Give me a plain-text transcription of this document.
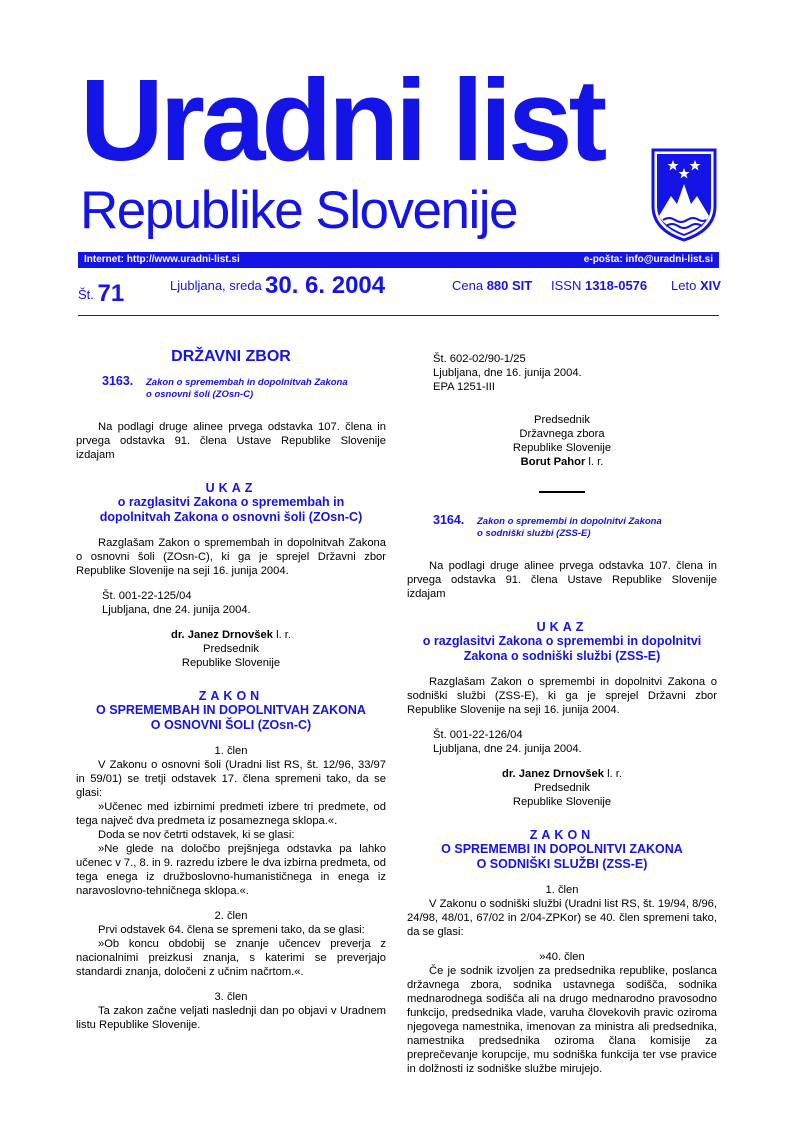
Uradni list
Republike Slovenije
Internet: http://www.uradni-list.si	e-pošta: info@uradni-list.si
Št. 71	Ljubljana, sreda 30. 6. 2004	Cena 880 SIT ISSN 1318-0576 Leto XIV
DRŽAVNI ZBOR
3163.	Zakon o spremembah in dopolnitvah Zakona
o osnovni šoli (ZOsn-C)

Na podlagi druge alinee prvega odstavka 107. člena in prvega odstavka 91. člena Ustave Republike Slovenije izdajam

UKAZ
o razglasitvi Zakona o spremembah in
dopolnitvah Zakona o osnovni šoli (ZOsn-C)

Razglašam Zakon o spremembah in dopolnitvah Zakona o osnovni šoli (ZOsn-C), ki ga je sprejel Državni zbor Republike Slovenije na seji 16. junija 2004.

Št. 001-22-125/04
Ljubljana, dne 24. junija 2004.
dr. Janez Drnovšek l. r.
Predsednik
Republike Slovenije
ZAKON
O SPREMEMBAH IN DOPOLNITVAH ZAKONA
O OSNOVNI ŠOLI (ZOsn-C)
1. člen

V Zakonu o osnovni šoli (Uradni list RS, št. 12/96, 33/97 in 59/01) se tretji odstavek 17. člena spremeni tako, da se glasi:

»Učenec med izbirnimi predmeti izbere tri predmete, od tega največ dva predmeta iz posameznega sklopa.«.

Doda se nov četrti odstavek, ki se glasi:

»Ne glede na določbo prejšnjega odstavka pa lahko učenec v 7., 8. in 9. razredu izbere le dva izbirna predmeta, od tega enega iz družboslovno-humanističnega in enega iz naravoslovno-tehničnega sklopa.«.

2. člen

Prvi odstavek 64. člena se spremeni tako, da se glasi:

»Ob koncu obdobij se znanje učencev preverja z nacionalnimi preizkusi znanja, s katerimi se preverjajo standardi znanja, določeni z učnim načrtom.«.

3. člen

Ta zakon začne veljati naslednji dan po objavi v Uradnem listu Republike Slovenije.

Št. 602-02/90-1/25
Ljubljana, dne 16. junija 2004.
EPA 1251-III
Predsednik
Državnega zbora
Republike Slovenije
Borut Pahor l. r.
3164.	Zakon o spremembi in dopolnitvi Zakona
o sodniški službi (ZSS-E)

Na podlagi druge alinee prvega odstavka 107. člena in prvega odstavka 91. člena Ustave Republike Slovenije izdajam

UKAZ
o razglasitvi Zakona o spremembi in dopolnitvi
Zakona o sodniški službi (ZSS-E)

Razglašam Zakon o spremembi in dopolnitvi Zakona o sodniški službi (ZSS-E), ki ga je sprejel Državni zbor Republike Slovenije na seji 16. junija 2004.

Št. 001-22-126/04
Ljubljana, dne 24. junija 2004.
dr. Janez Drnovšek l. r.
Predsednik
Republike Slovenije
ZAKON
O SPREMEMBI IN DOPOLNITVI ZAKONA
O SODNIŠKI SLUŽBI (ZSS-E)
1. člen

V Zakonu o sodniški službi (Uradni list RS, št. 19/94, 8/96, 24/98, 48/01, 67/02 in 2/04-ZPKor) se 40. člen spremeni tako, da se glasi:

»40. člen

Če je sodnik izvoljen za predsednika republike, poslanca državnega zbora, sodnika ustavnega sodišča, sodnika mednarodnega sodišča ali na drugo mednarodno pravosodno funkcijo, predsednika vlade, varuha človekovih pravic oziroma njegovega namestnika, imenovan za ministra ali predsednika, namestnika predsednika oziroma člana komisije za preprečevanje korupcije, mu sodniška funkcija ter vse pravice in dolžnosti iz sodniške službe mirujejo.
